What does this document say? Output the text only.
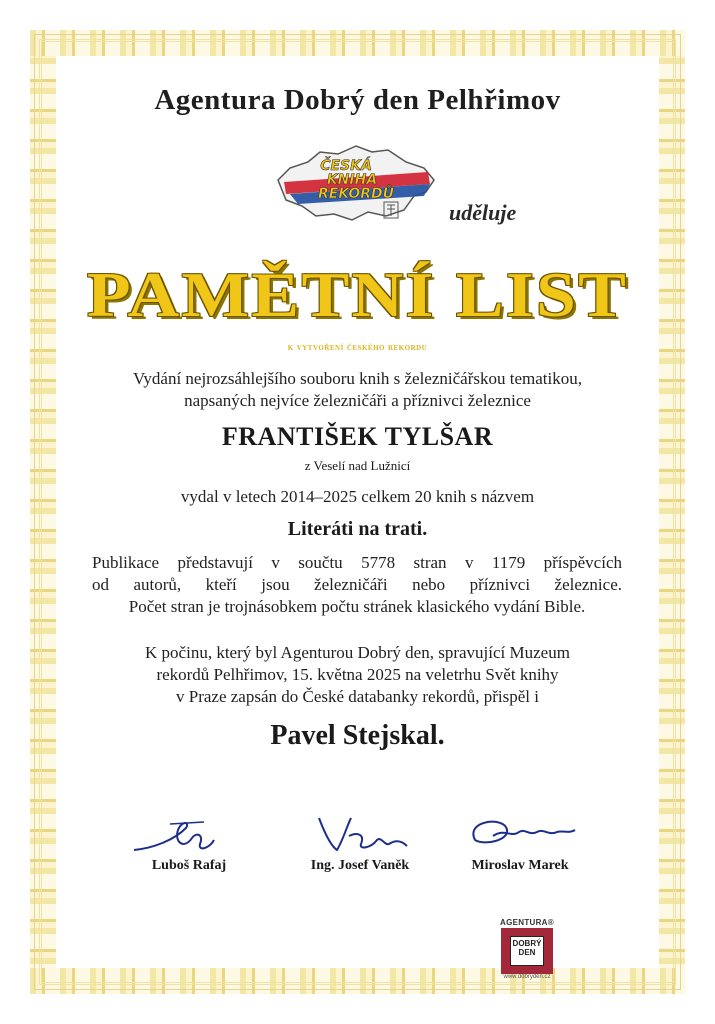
Agentura Dobrý den Pelhřimov
ČESKÁ
KNIHA
REKORDŮ
uděluje
PAMĚTNÍ LIST
k vytvoření českého rekordu
Vydání nejrozsáhlejšího souboru knih s železničářskou tematikou,
napsaných nejvíce železničáři a příznivci železnice
FRANTIŠEK TYLŠAR
z Veselí nad Lužnicí
vydal v letech 2014–2025 celkem 20 knih s názvem
Literáti na trati.
Publikace představují v součtu 5778 stran v 1179 příspěvcích
od autorů, kteří jsou železničáři nebo příznivci železnice.
Počet stran je trojnásobkem počtu stránek klasického vydání Bible.
K počinu, který byl Agenturou Dobrý den, spravující Muzeum
rekordů Pelhřimov, 15. května 2025 na veletrhu Svět knihy
v Praze zapsán do České databanky rekordů, přispěl i
Pavel Stejskal.
Luboš Rafaj	Ing. Josef Vaněk	Miroslav Marek
AGENTURA®
DOBRÝ
DEN
www.dobryden.cz
